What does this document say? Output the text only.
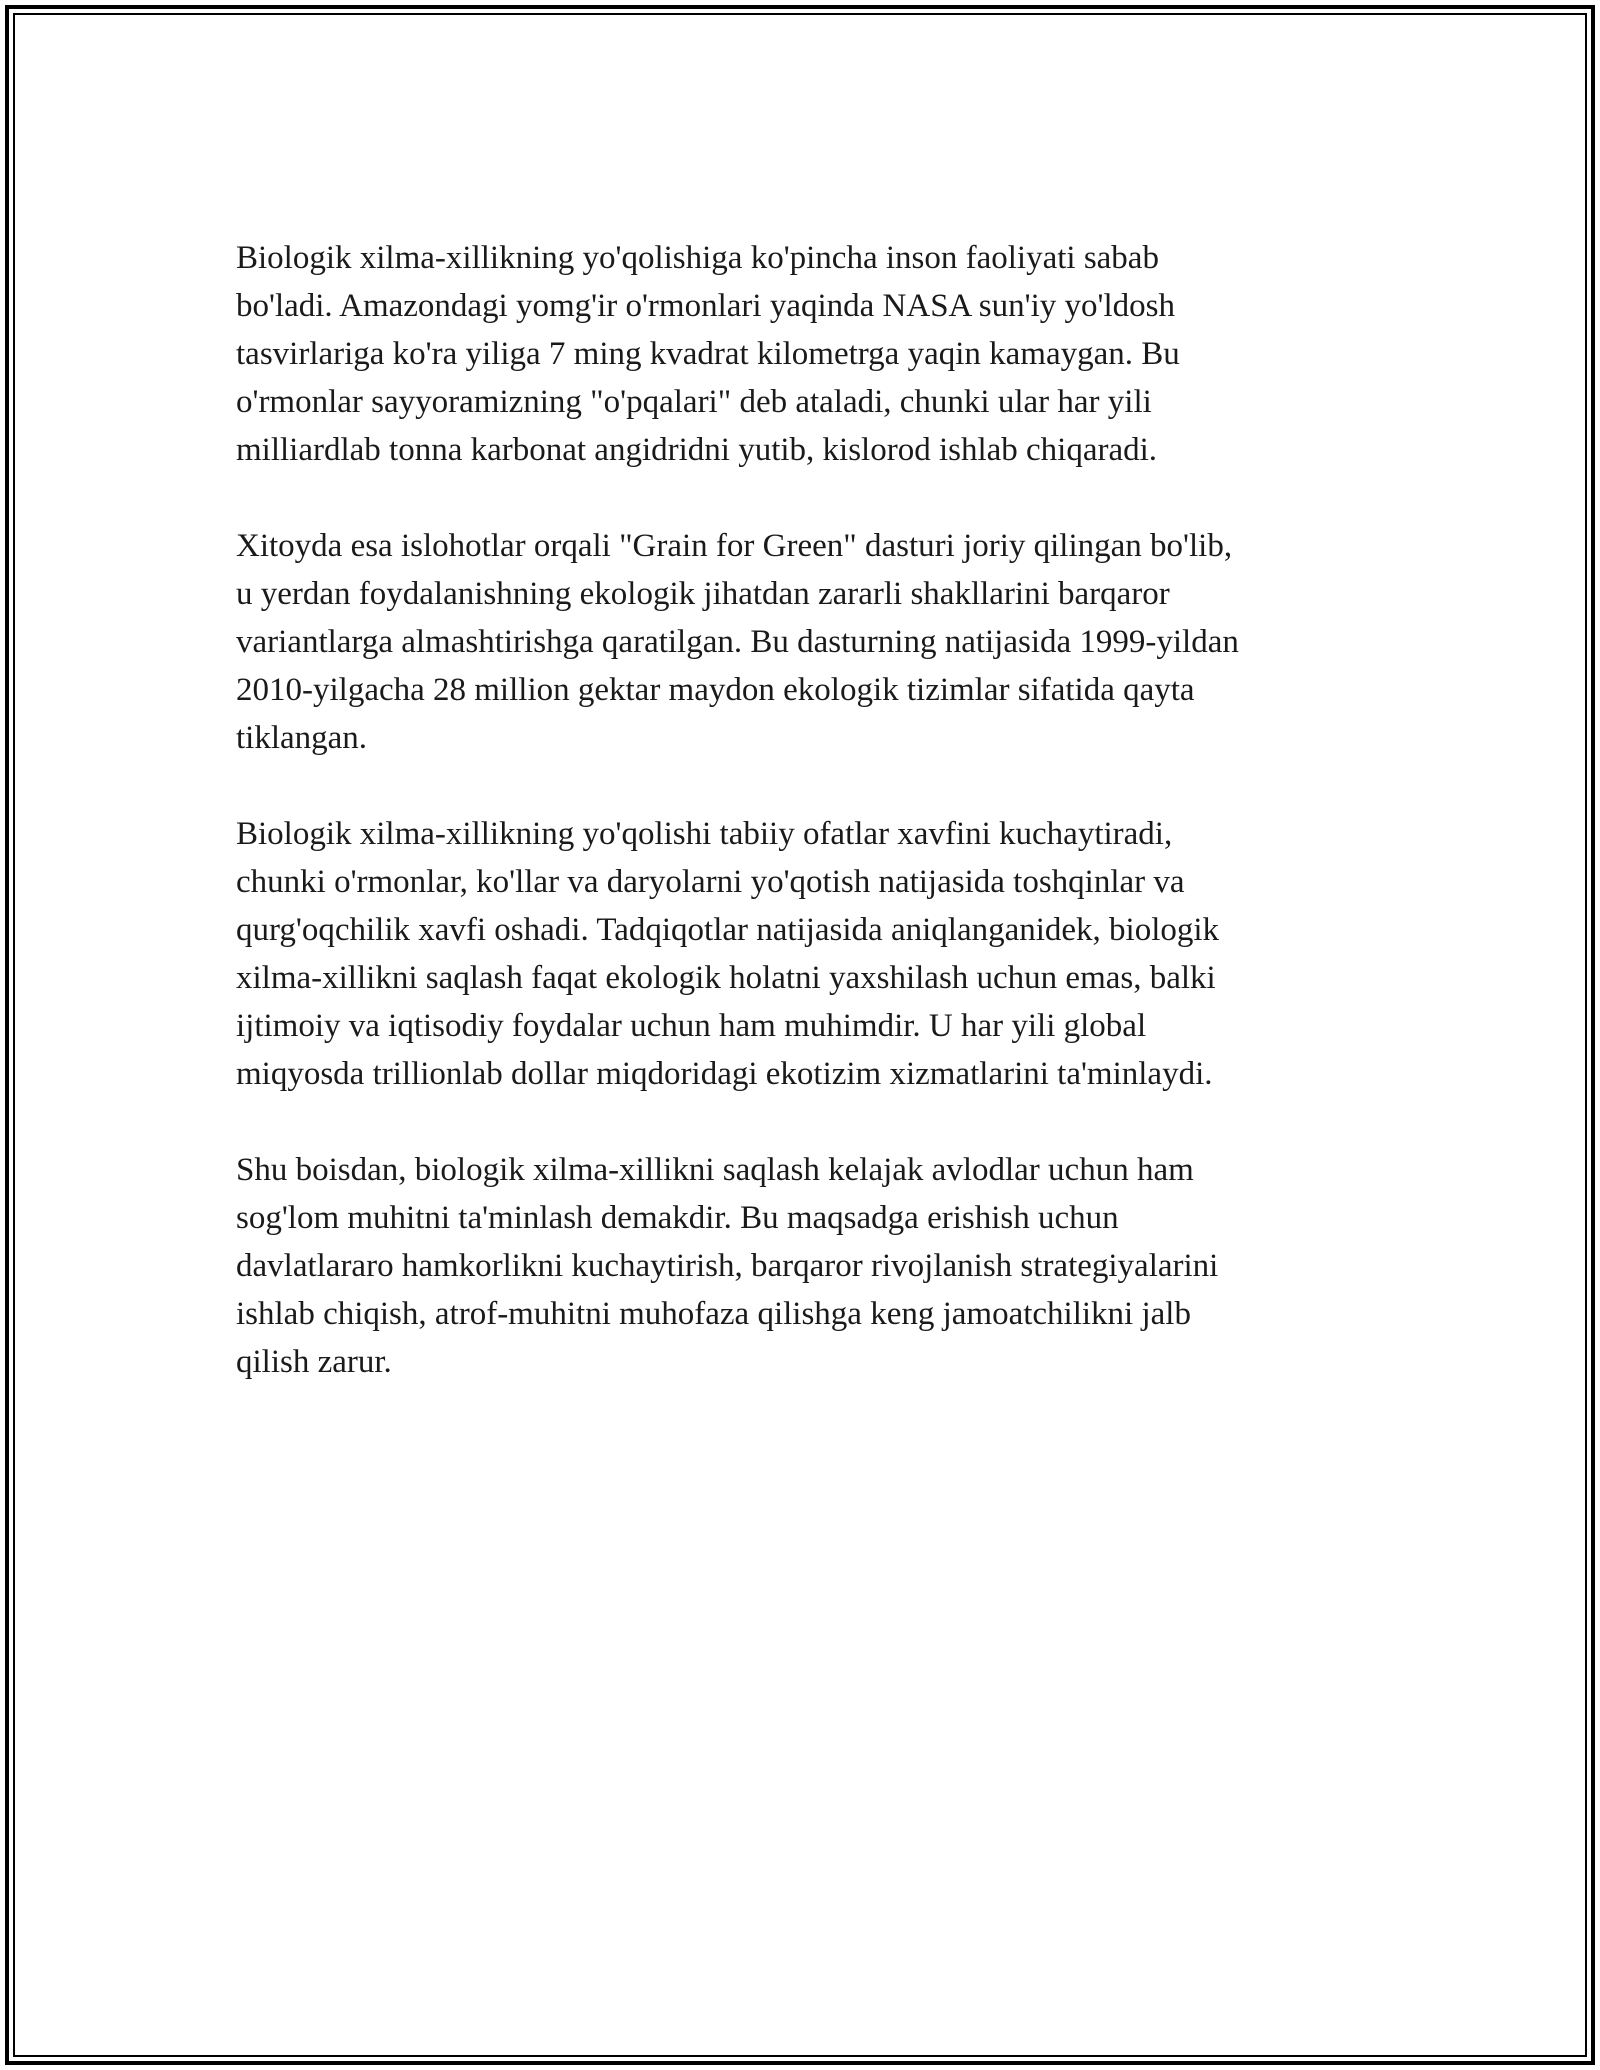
Biologik xilma-xillikning yo'qolishiga ko'pincha inson faoliyati sabab
bo'ladi. Amazondagi yomg'ir o'rmonlari yaqinda NASA sun'iy yo'ldosh
tasvirlariga ko'ra yiliga 7 ming kvadrat kilometrga yaqin kamaygan. Bu
o'rmonlar sayyoramizning "o'pqalari" deb ataladi, chunki ular har yili
milliardlab tonna karbonat angidridni yutib, kislorod ishlab chiqaradi.

Xitoyda esa islohotlar orqali "Grain for Green" dasturi joriy qilingan bo'lib,
u yerdan foydalanishning ekologik jihatdan zararli shakllarini barqaror
variantlarga almashtirishga qaratilgan. Bu dasturning natijasida 1999-yildan
2010-yilgacha 28 million gektar maydon ekologik tizimlar sifatida qayta
tiklangan.

Biologik xilma-xillikning yo'qolishi tabiiy ofatlar xavfini kuchaytiradi,
chunki o'rmonlar, ko'llar va daryolarni yo'qotish natijasida toshqinlar va
qurg'oqchilik xavfi oshadi. Tadqiqotlar natijasida aniqlanganidek, biologik
xilma-xillikni saqlash faqat ekologik holatni yaxshilash uchun emas, balki
ijtimoiy va iqtisodiy foydalar uchun ham muhimdir. U har yili global
miqyosda trillionlab dollar miqdoridagi ekotizim xizmatlarini ta'minlaydi.

Shu boisdan, biologik xilma-xillikni saqlash kelajak avlodlar uchun ham
sog'lom muhitni ta'minlash demakdir. Bu maqsadga erishish uchun
davlatlararo hamkorlikni kuchaytirish, barqaror rivojlanish strategiyalarini
ishlab chiqish, atrof-muhitni muhofaza qilishga keng jamoatchilikni jalb
qilish zarur.
